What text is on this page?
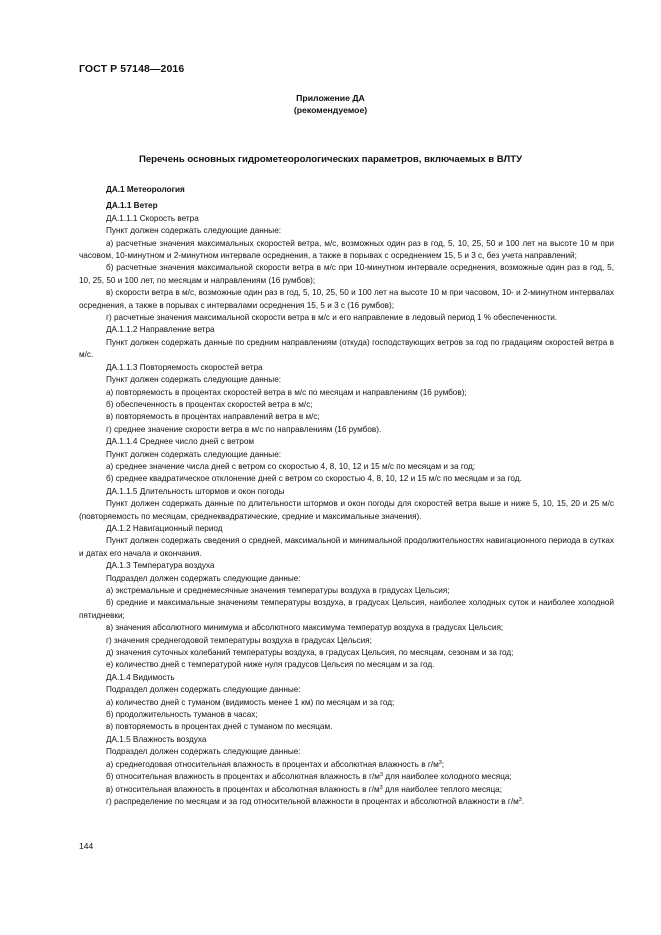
ГОСТ Р 57148—2016
Приложение ДА
(рекомендуемое)
Перечень основных гидрометеорологических параметров, включаемых в ВЛТУ

ДА.1 Метеорология

ДА.1.1 Ветер

ДА.1.1.1 Скорость ветра

Пункт должен содержать следующие данные:

а) расчетные значения максимальных скоростей ветра, м/с, возможных один раз в год, 5, 10, 25, 50 и 100 лет на высоте 10 м при часовом, 10-минутном и 2-минутном интервале осреднения, а также в порывах с осреднением 15, 5 и 3 с, без учета направлений;

б) расчетные значения максимальной скорости ветра в м/с при 10-минутном интервале осреднения, возможные один раз в год, 5, 10, 25, 50 и 100 лет, по месяцам и направлениям (16 румбов);

в) скорости ветра в м/с, возможные один раз в год, 5, 10, 25, 50 и 100 лет на высоте 10 м при часовом, 10- и 2-минутном интервалах осреднения, а также в порывах с интервалами осреднения 15, 5 и 3 с (16 румбов);

г) расчетные значения максимальной скорости ветра в м/с и его направление в ледовый период 1 % обеспеченности.

ДА.1.1.2 Направление ветра

Пункт должен содержать данные по средним направлениям (откуда) господствующих ветров за год по градациям скоростей ветра в м/с.

ДА.1.1.3 Повторяемость скоростей ветра

Пункт должен содержать следующие данные:

а) повторяемость в процентах скоростей ветра в м/с по месяцам и направлениям (16 румбов);

б) обеспеченность в процентах скоростей ветра в м/с;

в) повторяемость в процентах направлений ветра в м/с;

г) среднее значение скорости ветра в м/с по направлениям (16 румбов).

ДА.1.1.4 Среднее число дней с ветром

Пункт должен содержать следующие данные:

а) среднее значение числа дней с ветром со скоростью 4, 8, 10, 12 и 15 м/с по месяцам и за год;

б) среднее квадратическое отклонение дней с ветром со скоростью 4, 8, 10, 12 и 15 м/с по месяцам и за год.

ДА.1.1.5 Длительность штормов и окон погоды

Пункт должен содержать данные по длительности штормов и окон погоды для скоростей ветра выше и ниже 5, 10, 15, 20 и 25 м/с (повторяемость по месяцам, среднеквадратические, средние и максимальные значения).

ДА.1.2 Навигационный период

Пункт должен содержать сведения о средней, максимальной и минимальной продолжительностях навигационного периода в сутках и датах его начала и окончания.

ДА.1.3 Температура воздуха

Подраздел должен содержать следующие данные:

а) экстремальные и среднемесячные значения температуры воздуха в градусах Цельсия;

б) средние и максимальные значениям температуры воздуха, в градусах Цельсия, наиболее холодных суток и наиболее холодной пятидневки;

в) значения абсолютного минимума и абсолютного максимума температур воздуха в градусах Цельсия;

г) значения среднегодовой температуры воздуха в градусах Цельсия;

д) значения суточных колебаний температуры воздуха, в градусах Цельсия, по месяцам, сезонам и за год;

е) количество дней с температурой ниже нуля градусов Цельсия по месяцам и за год.

ДА.1.4 Видимость

Подраздел должен содержать следующие данные:

а) количество дней с туманом (видимость менее 1 км) по месяцам и за год;

б) продолжительность туманов в часах;

в) повторяемость в процентах дней с туманом по месяцам.

ДА.1.5 Влажность воздуха

Подраздел должен содержать следующие данные:

а) среднегодовая относительная влажность в процентах и абсолютная влажность в $г/м^3$;

б) относительная влажность в процентах и абсолютная влажность в $г/м^3$ для наиболее холодного месяца;

в) относительная влажность в процентах и абсолютная влажность в $г/м^3$ для наиболее теплого месяца;

г) распределение по месяцам и за год относительной влажности в процентах и абсолютной влажности в $г/м^3$.

144
